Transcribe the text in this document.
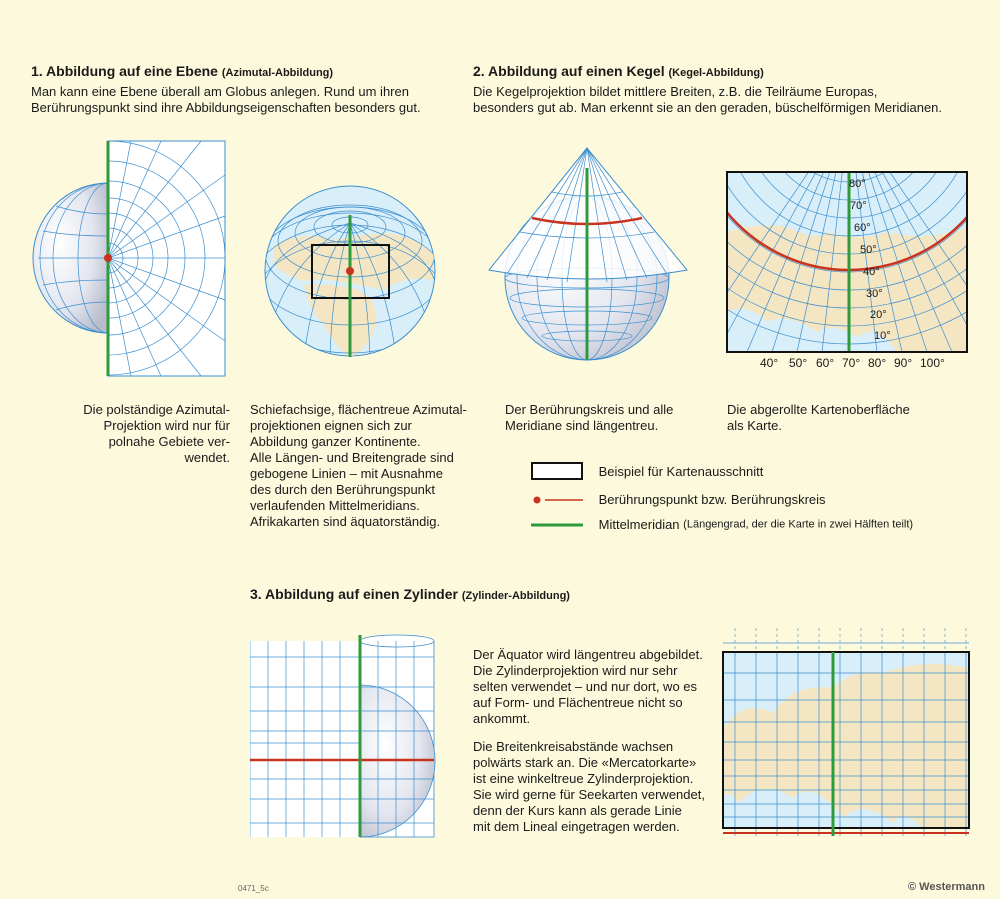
1. Abbildung auf eine Ebene (Azimutal-Abbildung)
Man kann eine Ebene überall am Globus anlegen. Rund um ihren
Berührungspunkt sind ihre Abbildungseigenschaften besonders gut.
Die polständige Azimutal-
Projektion wird nur für
polnahe Gebiete ver-
wendet.
Schiefachsige, flächentreue Azimutal-
projektionen eignen sich zur
Abbildung ganzer Kontinente.
Alle Längen- und Breitengrade sind
gebogene Linien – mit Ausnahme
des durch den Berührungspunkt
verlaufenden Mittelmeridians.
Afrikakarten sind äquatorständig.
2. Abbildung auf einen Kegel (Kegel-Abbildung)
Die Kegelprojektion bildet mittlere Breiten, z.B. die Teilräume Europas,
besonders gut ab. Man erkennt sie an den geraden, büschelförmigen Meridianen.
80°
70°
60°
50°
40°
30°
20°
10°
40° 50° 60° 70° 80° 90° 100°
Der Berührungskreis und alle
Meridiane sind längentreu.
Die abgerollte Kartenoberfläche
als Karte.
Beispiel für Kartenausschnitt
Berührungspunkt bzw. Berührungskreis
Mittelmeridian (Längengrad, der die Karte in zwei Hälften teilt)
3. Abbildung auf einen Zylinder (Zylinder-Abbildung)
Der Äquator wird längentreu abgebildet.
Die Zylinderprojektion wird nur sehr
selten verwendet – und nur dort, wo es
auf Form- und Flächentreue nicht so
ankommt.
Die Breitenkreisabstände wachsen
polwärts stark an. Die «Mercatorkarte»
ist eine winkeltreue Zylinderprojektion.
Sie wird gerne für Seekarten verwendet,
denn der Kurs kann als gerade Linie
mit dem Lineal eingetragen werden.
0471_5c	© Westermann
